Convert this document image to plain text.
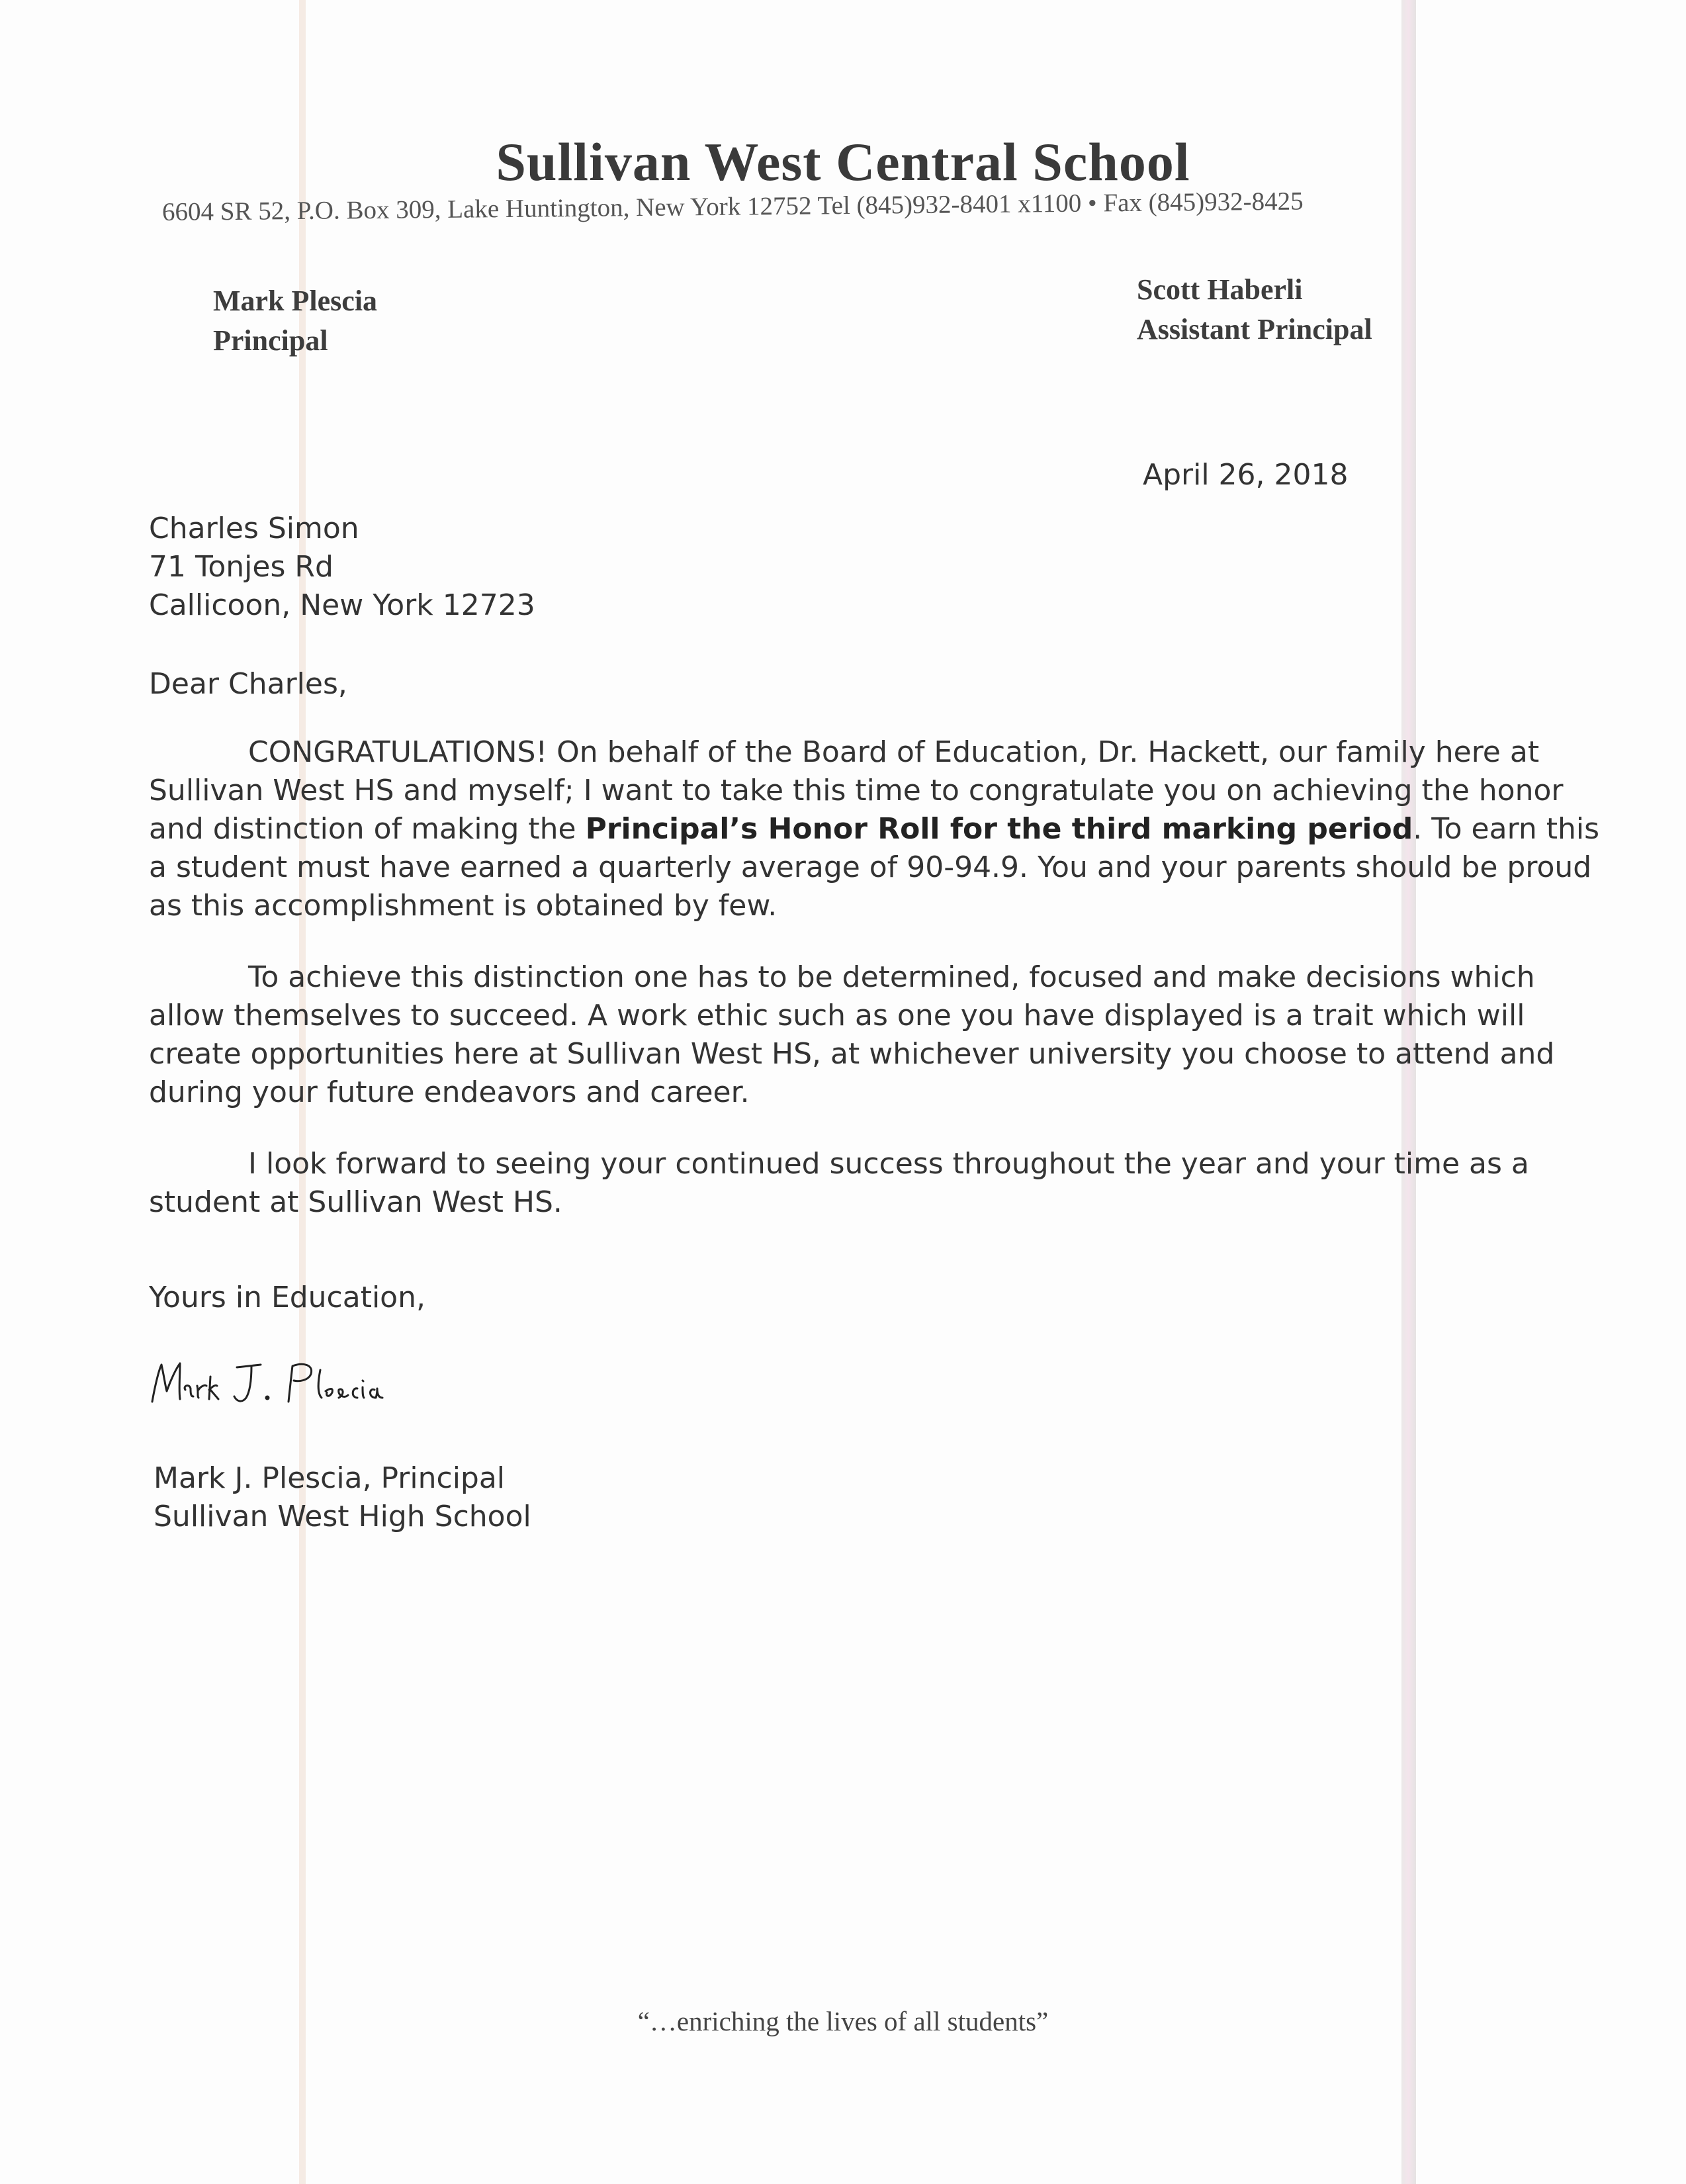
Sullivan West Central School
6604 SR 52, P.O. Box 309, Lake Huntington, New York 12752 Tel (845)932-8401 x1100 • Fax (845)932-8425
Mark Plescia
Principal
Scott Haberli
Assistant Principal
April 26, 2018
Charles Simon
71 Tonjes Rd
Callicoon, New York 12723
Dear Charles,
CONGRATULATIONS! On behalf of the Board of Education, Dr. Hackett, our family here at
Sullivan West HS and myself; I want to take this time to congratulate you on achieving the honor
and distinction of making the Principal’s Honor Roll for the third marking period. To earn this
a student must have earned a quarterly average of 90-94.9. You and your parents should be proud
as this accomplishment is obtained by few.
To achieve this distinction one has to be determined, focused and make decisions which
allow themselves to succeed. A work ethic such as one you have displayed is a trait which will
create opportunities here at Sullivan West HS, at whichever university you choose to attend and
during your future endeavors and career.
I look forward to seeing your continued success throughout the year and your time as a
student at Sullivan West HS.
Yours in Education,
Mark J. Plescia, Principal
Sullivan West High School
“…enriching the lives of all students”
